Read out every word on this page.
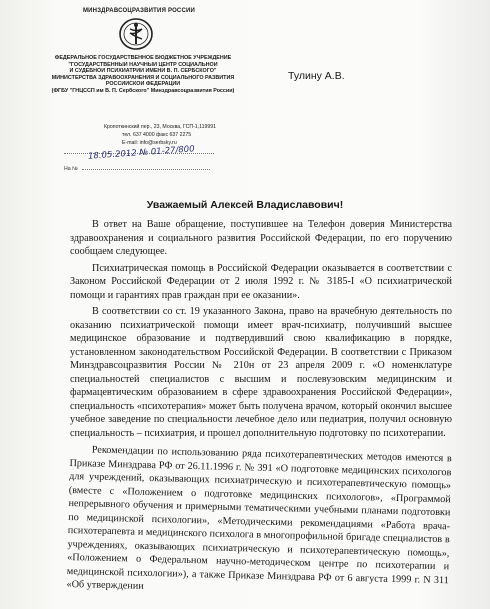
МИНЗДРАВСОЦРАЗВИТИЯ РОССИИ
ФЕДЕРАЛЬНОЕ ГОСУДАРСТВЕННОЕ БЮДЖЕТНОЕ УЧРЕЖДЕНИЕ
"ГОСУДАРСТВЕННЫЙ НАУЧНЫЙ ЦЕНТР СОЦИАЛЬНОЙ
И СУДЕБНОЙ ПСИХИАТРИИ ИМЕНИ В. П. СЕРБСКОГО"
МИНИСТЕРСТВА ЗДРАВООХРАНЕНИЯ И СОЦИАЛЬНОГО РАЗВИТИЯ
РОССИЙСКОЙ ФЕДЕРАЦИИ
(ФГБУ "ГНЦССП им В. П. Сербского" Минздравсоцразвития России)
Кропоткинский пер., 23, Москва, ГСП-1,119991
тел. 637 4000 факс 637 2275
E-mail: info@serbsky.ru
18.05.2012 № 01-27/800
На №
Тулину А.В.
Уважаемый Алексей Владиславович!

В ответ на Ваше обращение, поступившее на Телефон доверия Министерства здравоохранения и социального развития Российской Федерации, по его поручению сообщаем следующее.

Психиатрическая помощь в Российской Федерации оказывается в соответствии с Законом Российской Федерации от 2 июля 1992 г. № 3185-I «О психиатрической помощи и гарантиях прав граждан при ее оказании».

В соответствии со ст. 19 указанного Закона, право на врачебную деятельность по оказанию психиатрической помощи имеет врач-психиатр, получивший высшее медицинское образование и подтвердивший свою квалификацию в порядке, установленном законодательством Российской Федерации. В соответствии с Приказом Минздравсоцразвития России № 210н от 23 апреля 2009 г. «О номенклатуре специальностей специалистов с высшим и послевузовским медицинским и фармацевтическим образованием в сфере здравоохранения Российской Федерации», специальность «психотерапия» может быть получена врачом, который окончил высшее учебное заведение по специальности лечебное дело или педиатрия, получил основную специальность – психиатрия, и прошел дополнительную подготовку по психотерапии.

Рекомендации по использованию ряда психотерапевтических методов имеются в Приказе Минздрава РФ от 26.11.1996 г. № 391 «О подготовке медицинских психологов для учреждений, оказывающих психиатрическую и психотерапевтическую помощь» (вместе с «Положением о подготовке медицинских психологов», «Программой непрерывного обучения и примерными тематическими учебными планами подготовки по медицинской психологии», «Методическими рекомендациями «Работа врача-психотерапевта и медицинского психолога в многопрофильной бригаде специалистов в учреждениях, оказывающих психиатрическую и психотерапевтическую помощь», «Положением о Федеральном научно-методическом центре по психотерапии и медицинской психологии»), а также Приказе Минздрава РФ от 6 августа 1999 г. N 311 «Об утверждении
